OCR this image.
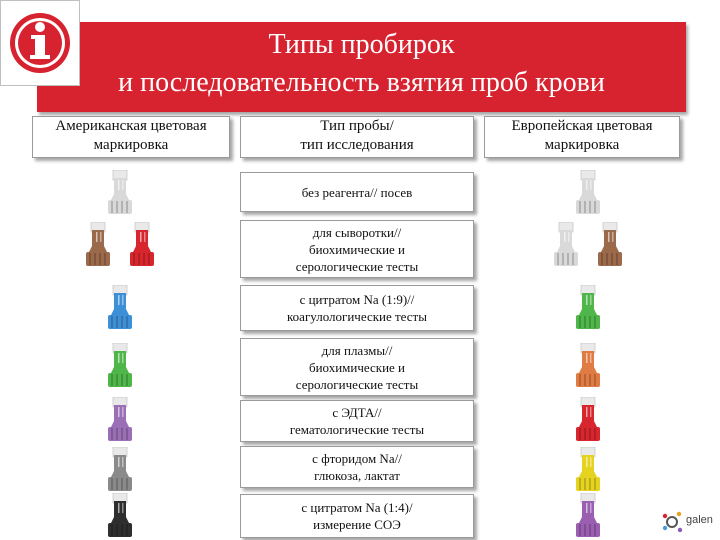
Типы пробирок
и последовательность взятия проб крови
Американская цветовая
маркировка
Тип пробы/
тип исследования
Европейская цветовая
маркировка
без реагента// посев
для сыворотки//
биохимические и
серологические тесты
с цитратом Na (1:9)//
коагулологические тесты
для плазмы//
биохимические и
серологические тесты
с ЭДТА//
гематологические тесты
с фторидом Na//
глюкоза, лактат
с цитратом Na (1:4)/
измерение СОЭ	galen
